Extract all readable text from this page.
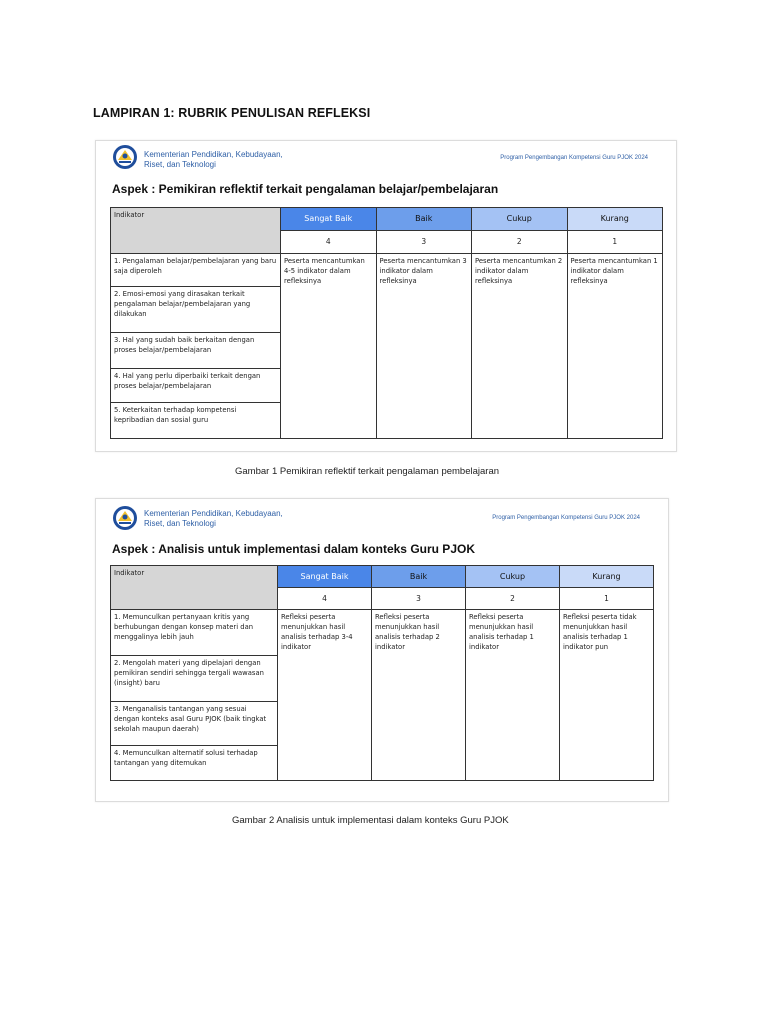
LAMPIRAN 1: RUBRIK PENULISAN REFLEKSI
Kementerian Pendidikan, Kebudayaan,
Riset, dan Teknologi
Program Pengembangan Kompetensi Guru PJOK 2024
Aspek : Pemikiran reflektif terkait pengalaman belajar/pembelajaran
Indikator	Sangat Baik	Baik	Cukup	Kurang
	4	3	2	1
1. Pengalaman belajar/pembelajaran yang baru saja diperoleh	Peserta mencantumkan 4-5 indikator dalam refleksinya	Peserta mencantumkan 3 indikator dalam refleksinya	Peserta mencantumkan 2 indikator dalam refleksinya	Peserta mencantumkan 1 indikator dalam refleksinya
2. Emosi-emosi yang dirasakan terkait pengalaman belajar/pembelajaran yang dilakukan				
3. Hal yang sudah baik berkaitan dengan proses belajar/pembelajaran				
4. Hal yang perlu diperbaiki terkait dengan proses belajar/pembelajaran				
5. Keterkaitan terhadap kompetensi kepribadian dan sosial guru				
Gambar 1 Pemikiran reflektif terkait pengalaman pembelajaran
Kementerian Pendidikan, Kebudayaan,
Riset, dan Teknologi
Program Pengembangan Kompetensi Guru PJOK 2024
Aspek : Analisis untuk implementasi dalam konteks Guru PJOK
Indikator	Sangat Baik	Baik	Cukup	Kurang
	4	3	2	1
1. Memunculkan pertanyaan kritis yang berhubungan dengan konsep materi dan menggalinya lebih jauh	Refleksi peserta menunjukkan hasil analisis terhadap 3-4 indikator	Refleksi peserta menunjukkan hasil analisis terhadap 2 indikator	Refleksi peserta menunjukkan hasil analisis terhadap 1 indikator	Refleksi peserta tidak menunjukkan hasil analisis terhadap 1 indikator pun
2. Mengolah materi yang dipelajari dengan pemikiran sendiri sehingga tergali wawasan (insight) baru				
3. Menganalisis tantangan yang sesuai dengan konteks asal Guru PJOK (baik tingkat sekolah maupun daerah)				
4. Memunculkan alternatif solusi terhadap tantangan yang ditemukan				
Gambar 2 Analisis untuk implementasi dalam konteks Guru PJOK
